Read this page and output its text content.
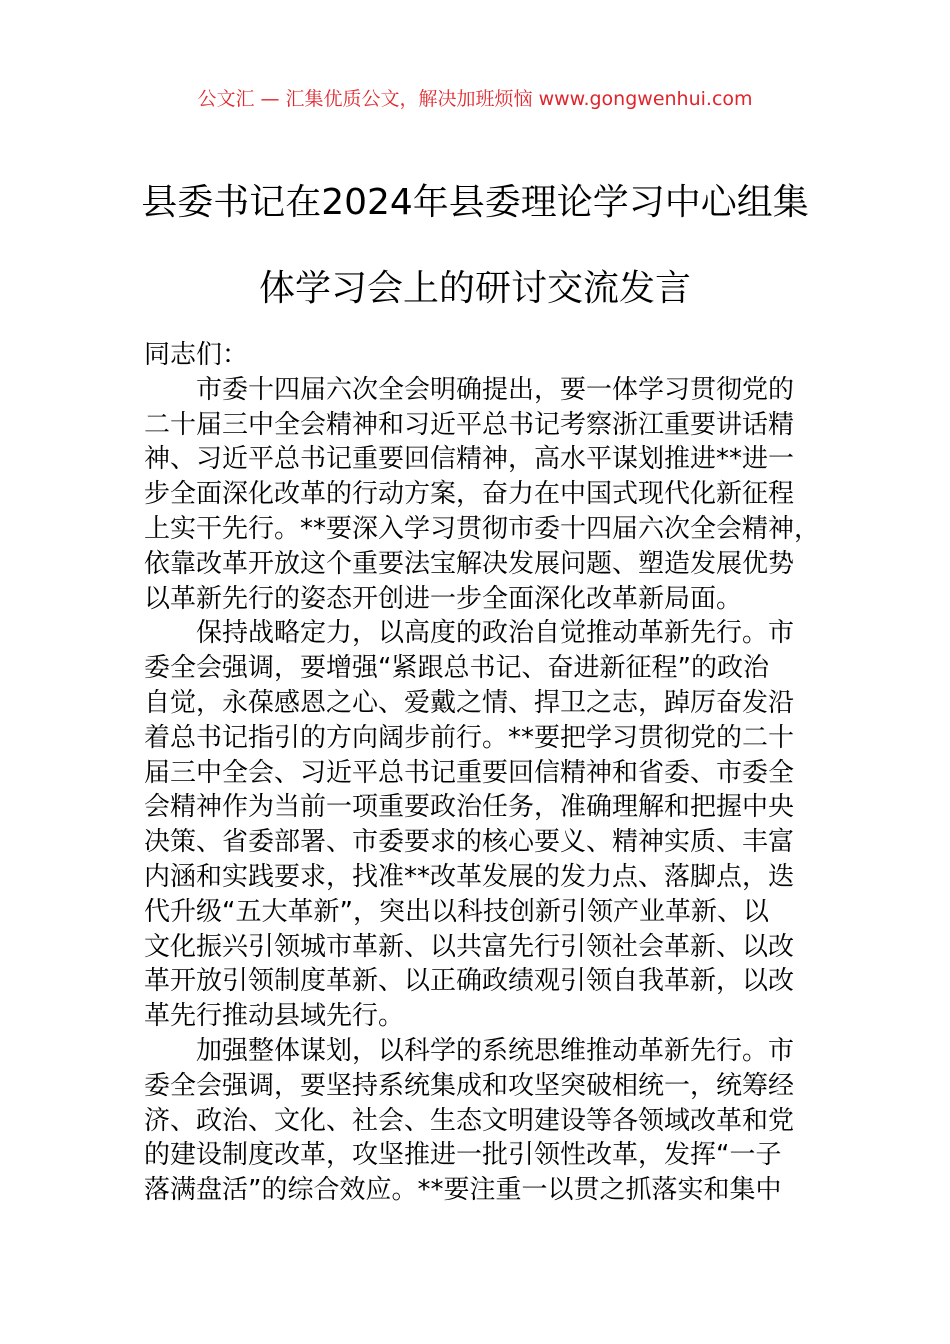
公文汇 — 汇集优质公文，解决加班烦恼 www.gongwenhui.com
县委书记在2024年县委理论学习中心组集
体学习会上的研讨交流发言

同志们：

市委十四届六次全会明确提出，要一体学习贯彻党的
二十届三中全会精神和习近平总书记考察浙江重要讲话精
神、习近平总书记重要回信精神，高水平谋划推进**进一
步全面深化改革的行动方案，奋力在中国式现代化新征程
上实干先行。**要深入学习贯彻市委十四届六次全会精神，
依靠改革开放这个重要法宝解决发展问题、塑造发展优势
以革新先行的姿态开创进一步全面深化改革新局面。

保持战略定力，以高度的政治自觉推动革新先行。市
委全会强调，要增强“紧跟总书记、奋进新征程”的政治
自觉，永葆感恩之心、爱戴之情、捍卫之志，踔厉奋发沿
着总书记指引的方向阔步前行。**要把学习贯彻党的二十
届三中全会、习近平总书记重要回信精神和省委、市委全
会精神作为当前一项重要政治任务，准确理解和把握中央
决策、省委部署、市委要求的核心要义、精神实质、丰富
内涵和实践要求，找准**改革发展的发力点、落脚点，迭
代升级“五大革新”，突出以科技创新引领产业革新、以
文化振兴引领城市革新、以共富先行引领社会革新、以改
革开放引领制度革新、以正确政绩观引领自我革新，以改
革先行推动县域先行。

加强整体谋划，以科学的系统思维推动革新先行。市
委全会强调，要坚持系统集成和攻坚突破相统一，统筹经
济、政治、文化、社会、生态文明建设等各领域改革和党
的建设制度改革，攻坚推进一批引领性改革，发挥“一子
落满盘活”的综合效应。**要注重一以贯之抓落实和集中
